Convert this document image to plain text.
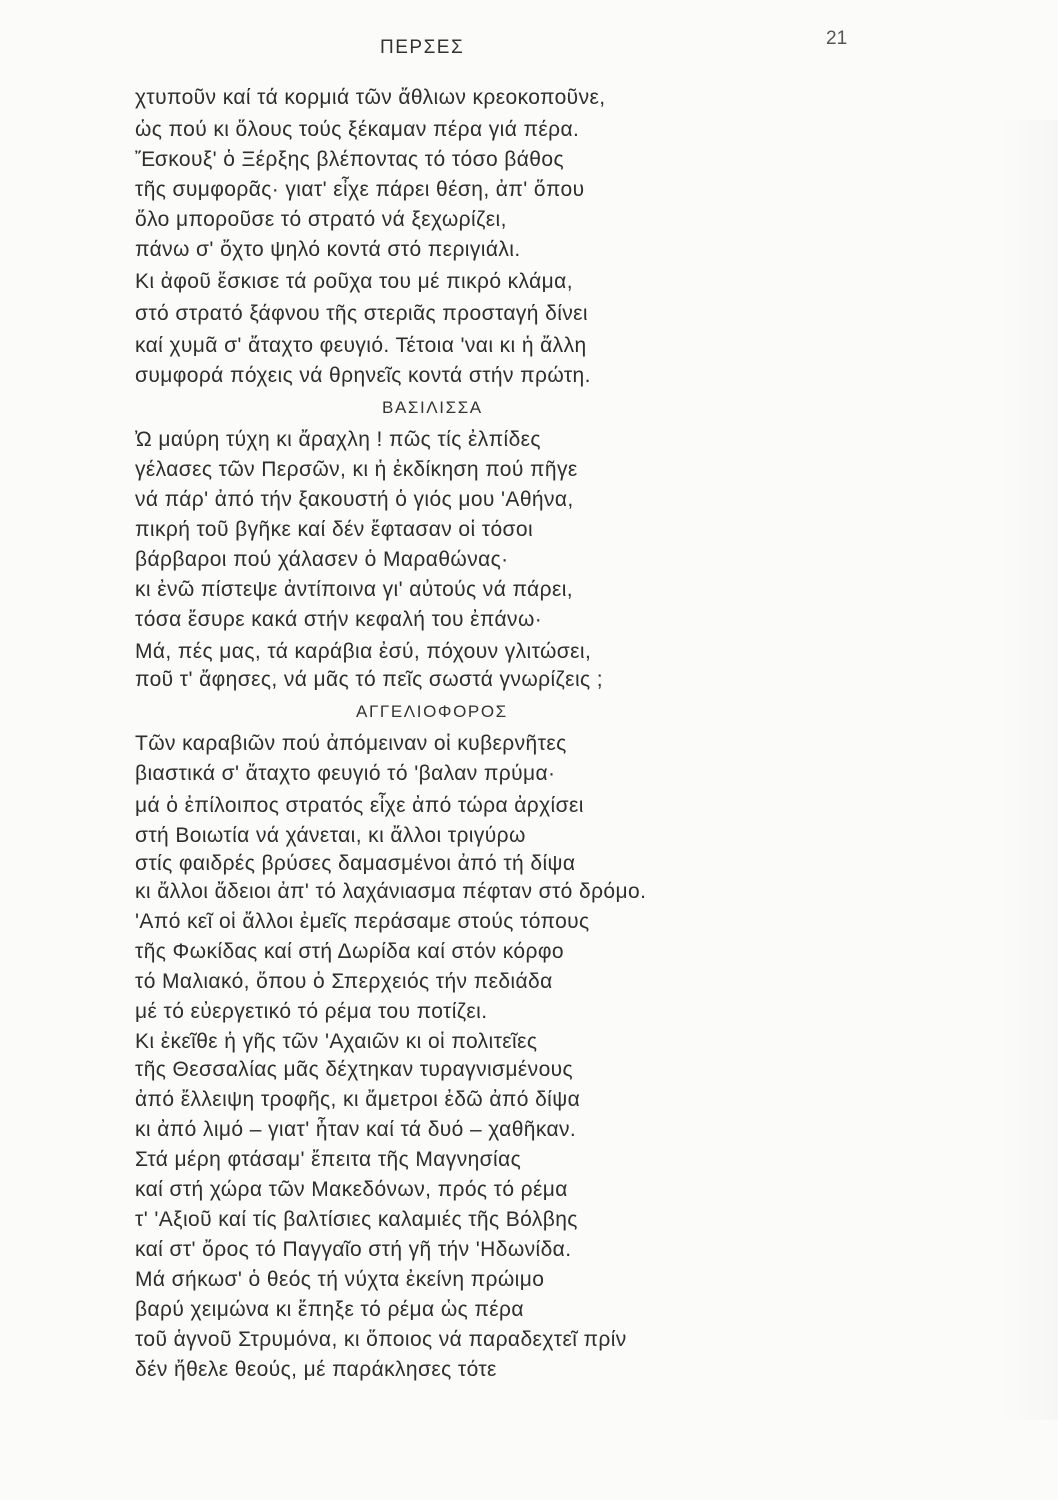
ΠΕΡΣΕΣ	21
χτυποῦν καί τά κορμιά τῶν ἄθλιων κρεοκοποῦνε,
ὡς πού κι ὅλους τούς ξέκαμαν πέρα γιά πέρα.
Ἔσκουξ' ὁ Ξέρξης βλέποντας τό τόσο βάθος
τῆς συμφορᾶς· γιατ' εἶχε πάρει θέση, ἀπ' ὅπου
ὅλο μποροῦσε τό στρατό νά ξεχωρίζει,
πάνω σ' ὄχτο ψηλό κοντά στό περιγιάλι.
Κι ἀφοῦ ἔσκισε τά ροῦχα του μέ πικρό κλάμα,
στό στρατό ξάφνου τῆς στεριᾶς προσταγή δίνει
καί χυμᾶ σ' ἄταχτο φευγιό. Τέτοια 'ναι κι ἡ ἄλλη
συμφορά πόχεις νά θρηνεῖς κοντά στήν πρώτη.
ΒΑΣΙΛΙΣΣΑ
Ὠ μαύρη τύχη κι ἄραχλη ! πῶς τίς ἐλπίδες
γέλασες τῶν Περσῶν, κι ἡ ἐκδίκηση πού πῆγε
νά πάρ' ἀπό τήν ξακουστή ὁ γιός μου 'Αθήνα,
πικρή τοῦ βγῆκε καί δέν ἔφτασαν οἱ τόσοι
βάρβαροι πού χάλασεν ὁ Μαραθώνας·
κι ἐνῶ πίστεψε ἀντίποινα γι' αὐτούς νά πάρει,
τόσα ἔσυρε κακά στήν κεφαλή του ἐπάνω·
Μά, πές μας, τά καράβια ἐσύ, πόχουν γλιτώσει,
ποῦ τ' ἄφησες, νά μᾶς τό πεῖς σωστά γνωρίζεις ;
ΑΓΓΕΛΙΟΦΟΡΟΣ
Τῶν καραβιῶν πού ἀπόμειναν οἱ κυβερνῆτες
βιαστικά σ' ἄταχτο φευγιό τό 'βαλαν πρύμα·
μά ὁ ἐπίλοιπος στρατός εἶχε ἀπό τώρα ἀρχίσει
στή Βοιωτία νά χάνεται, κι ἄλλοι τριγύρω
στίς φαιδρές βρύσες δαμασμένοι ἀπό τή δίψα
κι ἄλλοι ἄδειοι ἀπ' τό λαχάνιασμα πέφταν στό δρόμο.
'Από κεῖ οἱ ἄλλοι ἐμεῖς περάσαμε στούς τόπους
τῆς Φωκίδας καί στή Δωρίδα καί στόν κόρφο
τό Μαλιακό, ὅπου ὁ Σπερχειός τήν πεδιάδα
μέ τό εὐεργετικό τό ρέμα του ποτίζει.
Κι ἐκεῖθε ἡ γῆς τῶν 'Αχαιῶν κι οἱ πολιτεῖες
τῆς Θεσσαλίας μᾶς δέχτηκαν τυραγνισμένους
ἀπό ἔλλειψη τροφῆς, κι ἄμετροι ἐδῶ ἀπό δίψα
κι ἀπό λιμό – γιατ' ἦταν καί τά δυό – χαθῆκαν.
Στά μέρη φτάσαμ' ἔπειτα τῆς Μαγνησίας
καί στή χώρα τῶν Μακεδόνων, πρός τό ρέμα
τ' 'Αξιοῦ καί τίς βαλτίσιες καλαμιές τῆς Βόλβης
καί στ' ὄρος τό Παγγαῖο στή γῆ τήν 'Ηδωνίδα.
Μά σήκωσ' ὁ θεός τή νύχτα ἐκείνη πρώιμο
βαρύ χειμώνα κι ἔπηξε τό ρέμα ὡς πέρα
τοῦ ἁγνοῦ Στρυμόνα, κι ὅποιος νά παραδεχτεῖ πρίν
δέν ἤθελε θεούς, μέ παράκλησες τότε
